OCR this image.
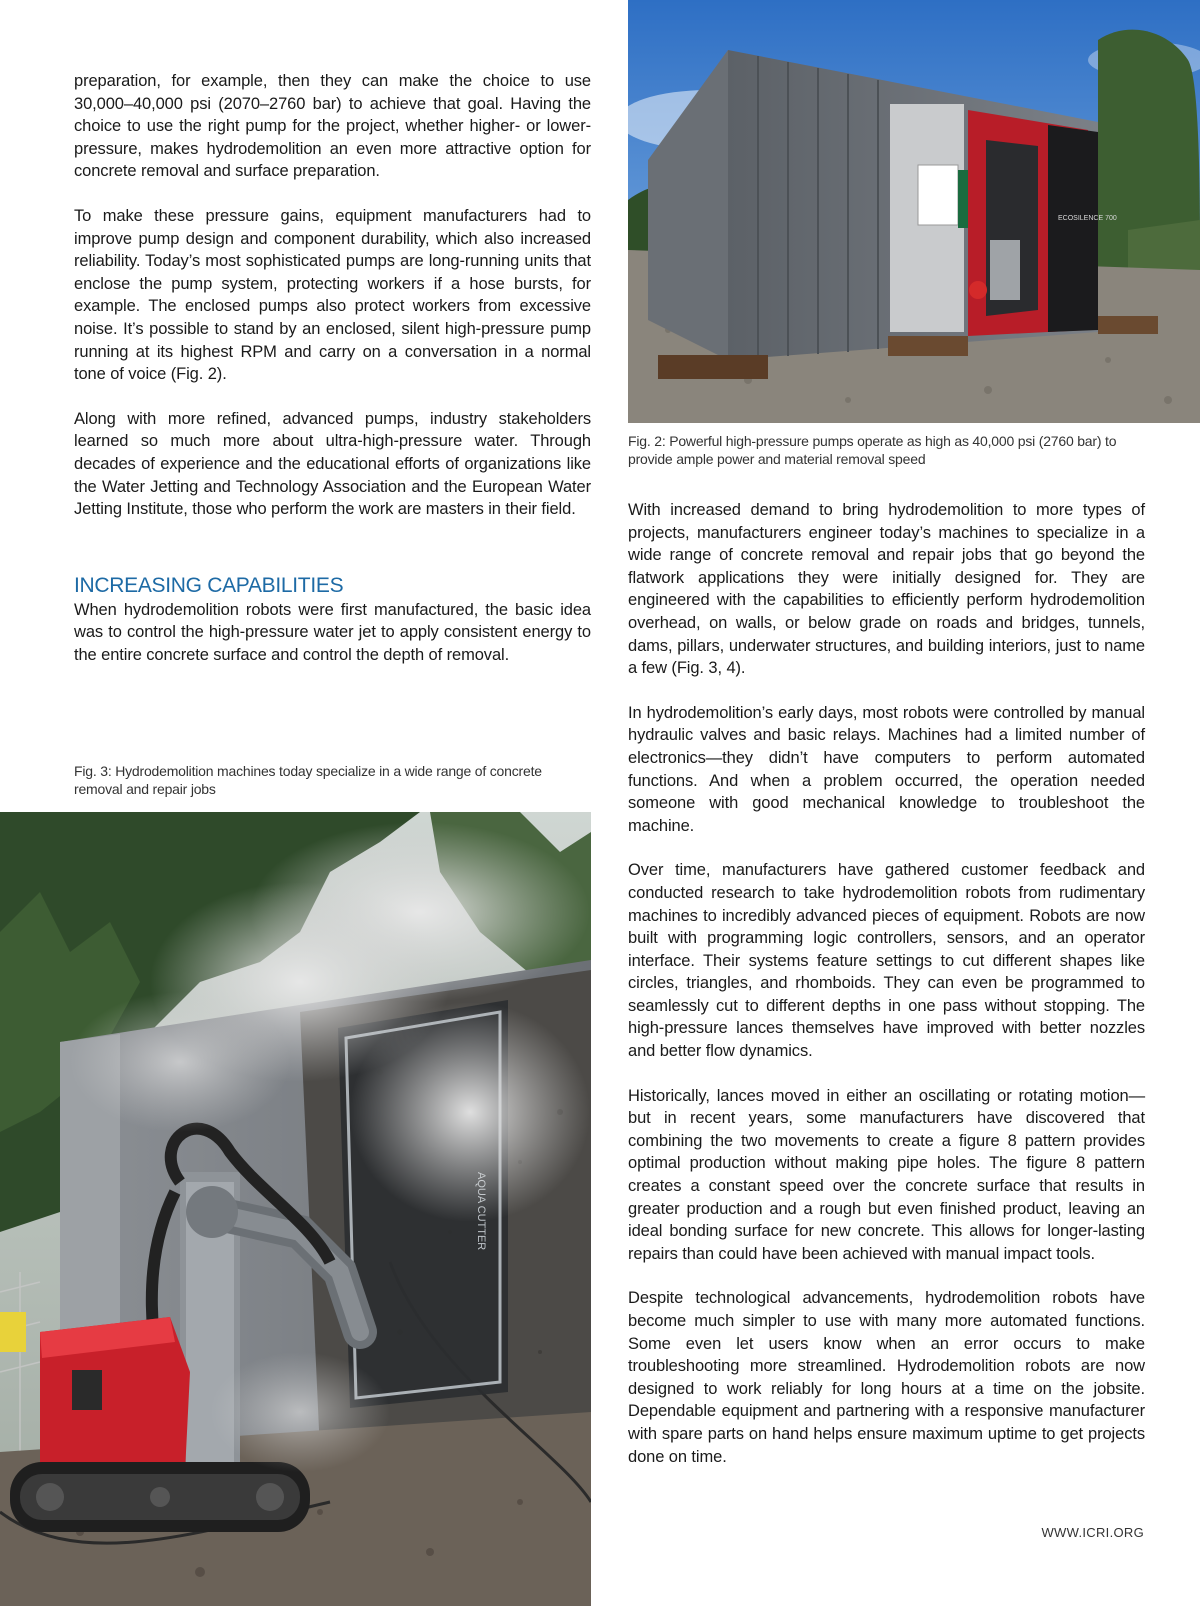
preparation, for example, then they can make the choice to use 30,000–40,000 psi (2070–2760 bar) to achieve that goal. Having the choice to use the right pump for the project, whether higher- or lower-pressure, makes hydrodemolition an even more attractive option for concrete removal and surface preparation.

To make these pressure gains, equipment manufacturers had to improve pump design and component durability, which also increased reliability. Today’s most sophisticated pumps are long-running units that enclose the pump system, protecting workers if a hose bursts, for example. The enclosed pumps also protect workers from excessive noise. It’s possible to stand by an enclosed, silent high-pressure pump running at its highest RPM and carry on a conversation in a normal tone of voice (Fig. 2).

Along with more refined, advanced pumps, industry stakeholders learned so much more about ultra-high-pressure water. Through decades of experience and the educational efforts of organizations like the Water Jetting and Technology Association and the European Water Jetting Institute, those who perform the work are masters in their field.

INCREASING CAPABILITIES

When hydrodemolition robots were first manufactured, the basic idea was to control the high-pressure water jet to apply consistent energy to the entire concrete surface and control the depth of removal.

Fig. 3: Hydrodemolition machines today specialize in a wide range of concrete removal and repair jobs
ECOSILENCE 700
Fig. 2: Powerful high-pressure pumps operate as high as 40,000 psi (2760 bar) to provide ample power and material removal speed

With increased demand to bring hydrodemolition to more types of projects, manufacturers engineer today’s machines to specialize in a wide range of concrete removal and repair jobs that go beyond the flatwork applications they were initially designed for. They are engineered with the capabilities to efficiently perform hydrodemolition overhead, on walls, or below grade on roads and bridges, tunnels, dams, pillars, underwater structures, and building interiors, just to name a few (Fig. 3, 4).

In hydrodemolition’s early days, most robots were controlled by manual hydraulic valves and basic relays. Machines had a limited number of electronics—they didn’t have computers to perform automated functions. And when a problem occurred, the operation needed someone with good mechanical knowledge to troubleshoot the machine.

Over time, manufacturers have gathered customer feedback and conducted research to take hydrodemolition robots from rudimentary machines to incredibly advanced pieces of equipment. Robots are now built with programming logic controllers, sensors, and an operator interface. Their systems feature settings to cut different shapes like circles, triangles, and rhomboids. They can even be programmed to seamlessly cut to different depths in one pass without stopping. The high-pressure lances themselves have improved with better nozzles and better flow dynamics.

Historically, lances moved in either an oscillating or rotating motion—but in recent years, some manufacturers have discovered that combining the two movements to create a figure 8 pattern provides optimal production without making pipe holes. The figure 8 pattern creates a constant speed over the concrete surface that results in greater production and a rough but even finished product, leaving an ideal bonding surface for new concrete. This allows for longer-lasting repairs than could have been achieved with manual impact tools.

Despite technological advancements, hydrodemolition robots have become much simpler to use with many more automated functions. Some even let users know when an error occurs to make troubleshooting more streamlined. Hydrodemolition robots are now designed to work reliably for long hours at a time on the jobsite. Dependable equipment and partnering with a responsive manufacturer with spare parts on hand helps ensure maximum uptime to get projects done on time.

WWW.ICRI.ORG
